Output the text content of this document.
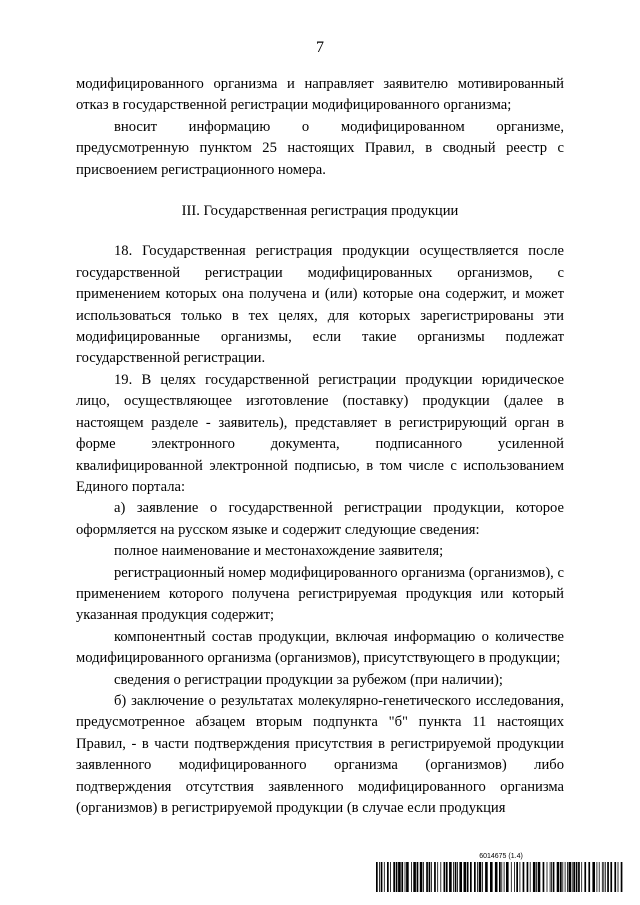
7

модифицированного организма и направляет заявителю мотивированный отказ в государственной регистрации модифицированного организма;

вносит информацию о модифицированном организме, предусмотренную пунктом 25 настоящих Правил, в сводный реестр с присвоением регистрационного номера.

III. Государственная регистрация продукции

18. Государственная регистрация продукции осуществляется после государственной регистрации модифицированных организмов, с применением которых она получена и (или) которые она содержит, и может использоваться только в тех целях, для которых зарегистрированы эти модифицированные организмы, если такие организмы подлежат государственной регистрации.

19. В целях государственной регистрации продукции юридическое лицо, осуществляющее изготовление (поставку) продукции (далее в настоящем разделе - заявитель), представляет в регистрирующий орган в форме электронного документа, подписанного усиленной квалифицированной электронной подписью, в том числе с использованием Единого портала:

а) заявление о государственной регистрации продукции, которое оформляется на русском языке и содержит следующие сведения:

полное наименование и местонахождение заявителя;

регистрационный номер модифицированного организма (организмов), с применением которого получена регистрируемая продукция или который указанная продукция содержит;

компонентный состав продукции, включая информацию о количестве модифицированного организма (организмов), присутствующего в продукции;

сведения о регистрации продукции за рубежом (при наличии);

б) заключение о результатах молекулярно-генетического исследования, предусмотренное абзацем вторым подпункта "б" пункта 11 настоящих Правил, - в части подтверждения присутствия в регистрируемой продукции заявленного модифицированного организма (организмов) либо подтверждения отсутствия заявленного модифицированного организма (организмов) в регистрируемой продукции (в случае если продукция

6014675 (1.4)
